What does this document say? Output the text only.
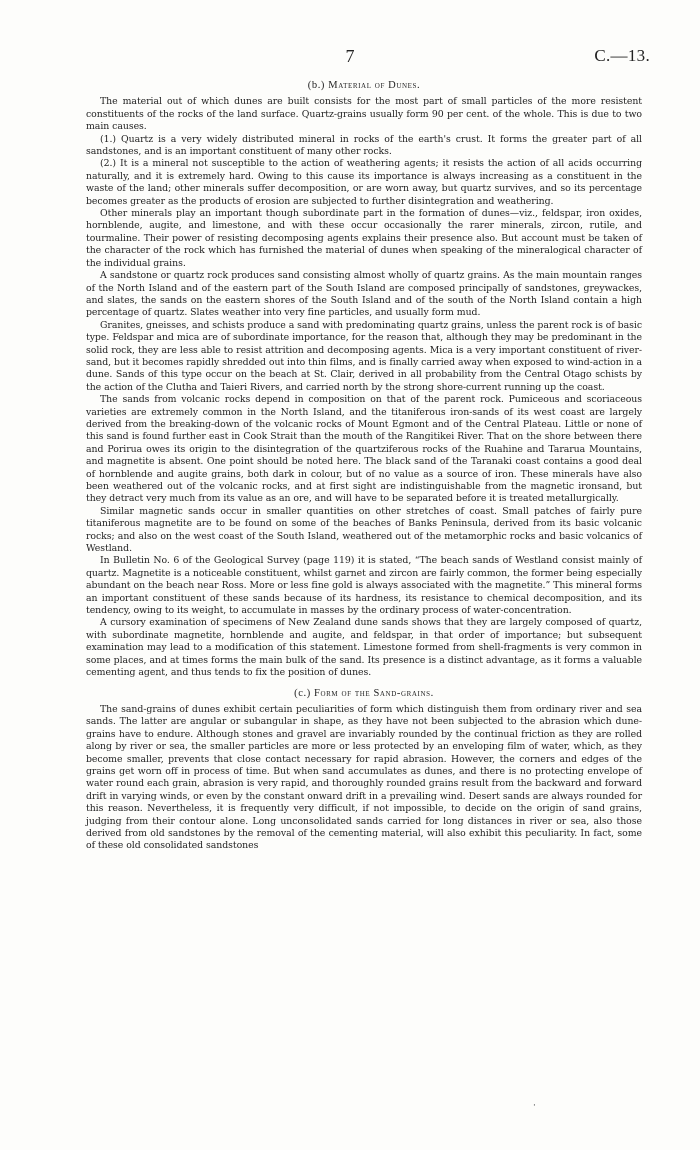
7	C.—13.
(b.) Material of Dunes.

The material out of which dunes are built consists for the most part of small particles of the more resistent constituents of the rocks of the land surface. Quartz-grains usually form 90 per cent. of the whole. This is due to two main causes.

(1.) Quartz is a very widely distributed mineral in rocks of the earth's crust. It forms the greater part of all sandstones, and is an important constituent of many other rocks.

(2.) It is a mineral not susceptible to the action of weathering agents; it resists the action of all acids occurring naturally, and it is extremely hard. Owing to this cause its importance is always increasing as a constituent in the waste of the land; other minerals suffer decomposition, or are worn away, but quartz survives, and so its percentage becomes greater as the products of erosion are subjected to further disintegration and weathering.

Other minerals play an important though subordinate part in the formation of dunes—viz., feldspar, iron oxides, hornblende, augite, and limestone, and with these occur occasionally the rarer minerals, zircon, rutile, and tourmaline. Their power of resisting decomposing agents explains their presence also. But account must be taken of the character of the rock which has furnished the material of dunes when speaking of the mineralogical character of the individual grains.

A sandstone or quartz rock produces sand consisting almost wholly of quartz grains. As the main mountain ranges of the North Island and of the eastern part of the South Island are composed principally of sandstones, greywackes, and slates, the sands on the eastern shores of the South Island and of the south of the North Island contain a high percentage of quartz. Slates weather into very fine particles, and usually form mud.

Granites, gneisses, and schists produce a sand with predominating quartz grains, unless the parent rock is of basic type. Feldspar and mica are of subordinate importance, for the reason that, although they may be predominant in the solid rock, they are less able to resist attrition and decomposing agents. Mica is a very important constituent of river-sand, but it becomes rapidly shredded out into thin films, and is finally carried away when exposed to wind-action in a dune. Sands of this type occur on the beach at St. Clair, derived in all probability from the Central Otago schists by the action of the Clutha and Taieri Rivers, and carried north by the strong shore-current running up the coast.

The sands from volcanic rocks depend in composition on that of the parent rock. Pumiceous and scoriaceous varieties are extremely common in the North Island, and the titaniferous iron-sands of its west coast are largely derived from the breaking-down of the volcanic rocks of Mount Egmont and of the Central Plateau. Little or none of this sand is found further east in Cook Strait than the mouth of the Rangitikei River. That on the shore between there and Porirua owes its origin to the disintegration of the quartziferous rocks of the Ruahine and Tararua Mountains, and magnetite is absent. One point should be noted here. The black sand of the Taranaki coast contains a good deal of hornblende and augite grains, both dark in colour, but of no value as a source of iron. These minerals have also been weathered out of the volcanic rocks, and at first sight are indistinguishable from the magnetic ironsand, but they detract very much from its value as an ore, and will have to be separated before it is treated metallurgically.

Similar magnetic sands occur in smaller quantities on other stretches of coast. Small patches of fairly pure titaniferous magnetite are to be found on some of the beaches of Banks Peninsula, derived from its basic volcanic rocks; and also on the west coast of the South Island, weathered out of the metamorphic rocks and basic volcanics of Westland.

In Bulletin No. 6 of the Geological Survey (page 119) it is stated, “The beach sands of Westland consist mainly of quartz. Magnetite is a noticeable constituent, whilst garnet and zircon are fairly common, the former being especially abundant on the beach near Ross. More or less fine gold is always associated with the magnetite.” This mineral forms an important constituent of these sands because of its hardness, its resistance to chemical decomposition, and its tendency, owing to its weight, to accumulate in masses by the ordinary process of water-concentration.

A cursory examination of specimens of New Zealand dune sands shows that they are largely composed of quartz, with subordinate magnetite, hornblende and augite, and feldspar, in that order of importance; but subsequent examination may lead to a modification of this statement. Limestone formed from shell-fragments is very common in some places, and at times forms the main bulk of the sand. Its presence is a distinct advantage, as it forms a valuable cementing agent, and thus tends to fix the position of dunes.

(c.) Form of the Sand-grains.

The sand-grains of dunes exhibit certain peculiarities of form which distinguish them from ordinary river and sea sands. The latter are angular or subangular in shape, as they have not been subjected to the abrasion which dune-grains have to endure. Although stones and gravel are invariably rounded by the continual friction as they are rolled along by river or sea, the smaller particles are more or less protected by an enveloping film of water, which, as they become smaller, prevents that close contact necessary for rapid abrasion. However, the corners and edges of the grains get worn off in process of time. But when sand accumulates as dunes, and there is no protecting envelope of water round each grain, abrasion is very rapid, and thoroughly rounded grains result from the backward and forward drift in varying winds, or even by the constant onward drift in a prevailing wind. Desert sands are always rounded for this reason. Nevertheless, it is frequently very difficult, if not impossible, to decide on the origin of sand grains, judging from their contour alone. Long unconsolidated sands carried for long distances in river or sea, also those derived from old sandstones by the removal of the cementing material, will also exhibit this peculiarity. In fact, some of these old consolidated sandstones

·
